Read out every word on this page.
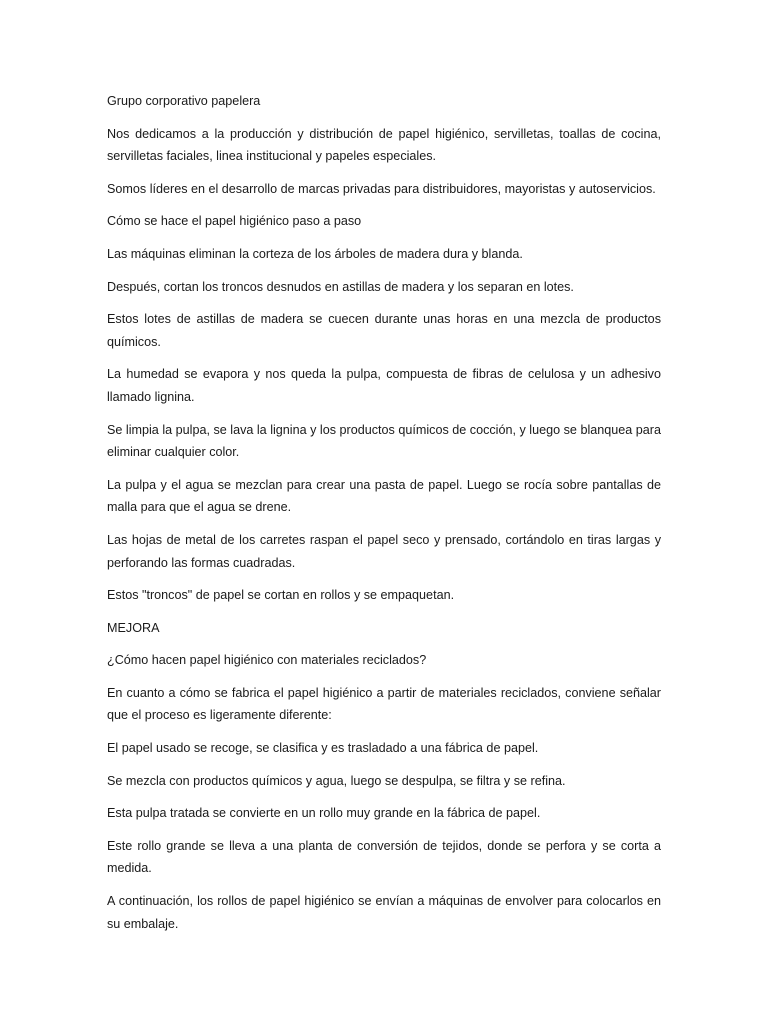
Grupo corporativo papelera

Nos dedicamos a la producción y distribución de papel higiénico, servilletas, toallas de cocina, servilletas faciales, linea institucional y papeles especiales.

Somos líderes en el desarrollo de marcas privadas para distribuidores, mayoristas y autoservicios.

Cómo se hace el papel higiénico paso a paso

Las máquinas eliminan la corteza de los árboles de madera dura y blanda.

Después, cortan los troncos desnudos en astillas de madera y los separan en lotes.

Estos lotes de astillas de madera se cuecen durante unas horas en una mezcla de productos químicos.

La humedad se evapora y nos queda la pulpa, compuesta de fibras de celulosa y un adhesivo llamado lignina.

Se limpia la pulpa, se lava la lignina y los productos químicos de cocción, y luego se blanquea para eliminar cualquier color.

La pulpa y el agua se mezclan para crear una pasta de papel. Luego se rocía sobre pantallas de malla para que el agua se drene.

Las hojas de metal de los carretes raspan el papel seco y prensado, cortándolo en tiras largas y perforando las formas cuadradas.

Estos "troncos" de papel se cortan en rollos y se empaquetan.

MEJORA

¿Cómo hacen papel higiénico con materiales reciclados?

En cuanto a cómo se fabrica el papel higiénico a partir de materiales reciclados, conviene señalar que el proceso es ligeramente diferente:

El papel usado se recoge, se clasifica y es trasladado a una fábrica de papel.

Se mezcla con productos químicos y agua, luego se despulpa, se filtra y se refina.

Esta pulpa tratada se convierte en un rollo muy grande en la fábrica de papel.

Este rollo grande se lleva a una planta de conversión de tejidos, donde se perfora y se corta a medida.

A continuación, los rollos de papel higiénico se envían a máquinas de envolver para colocarlos en su embalaje.
